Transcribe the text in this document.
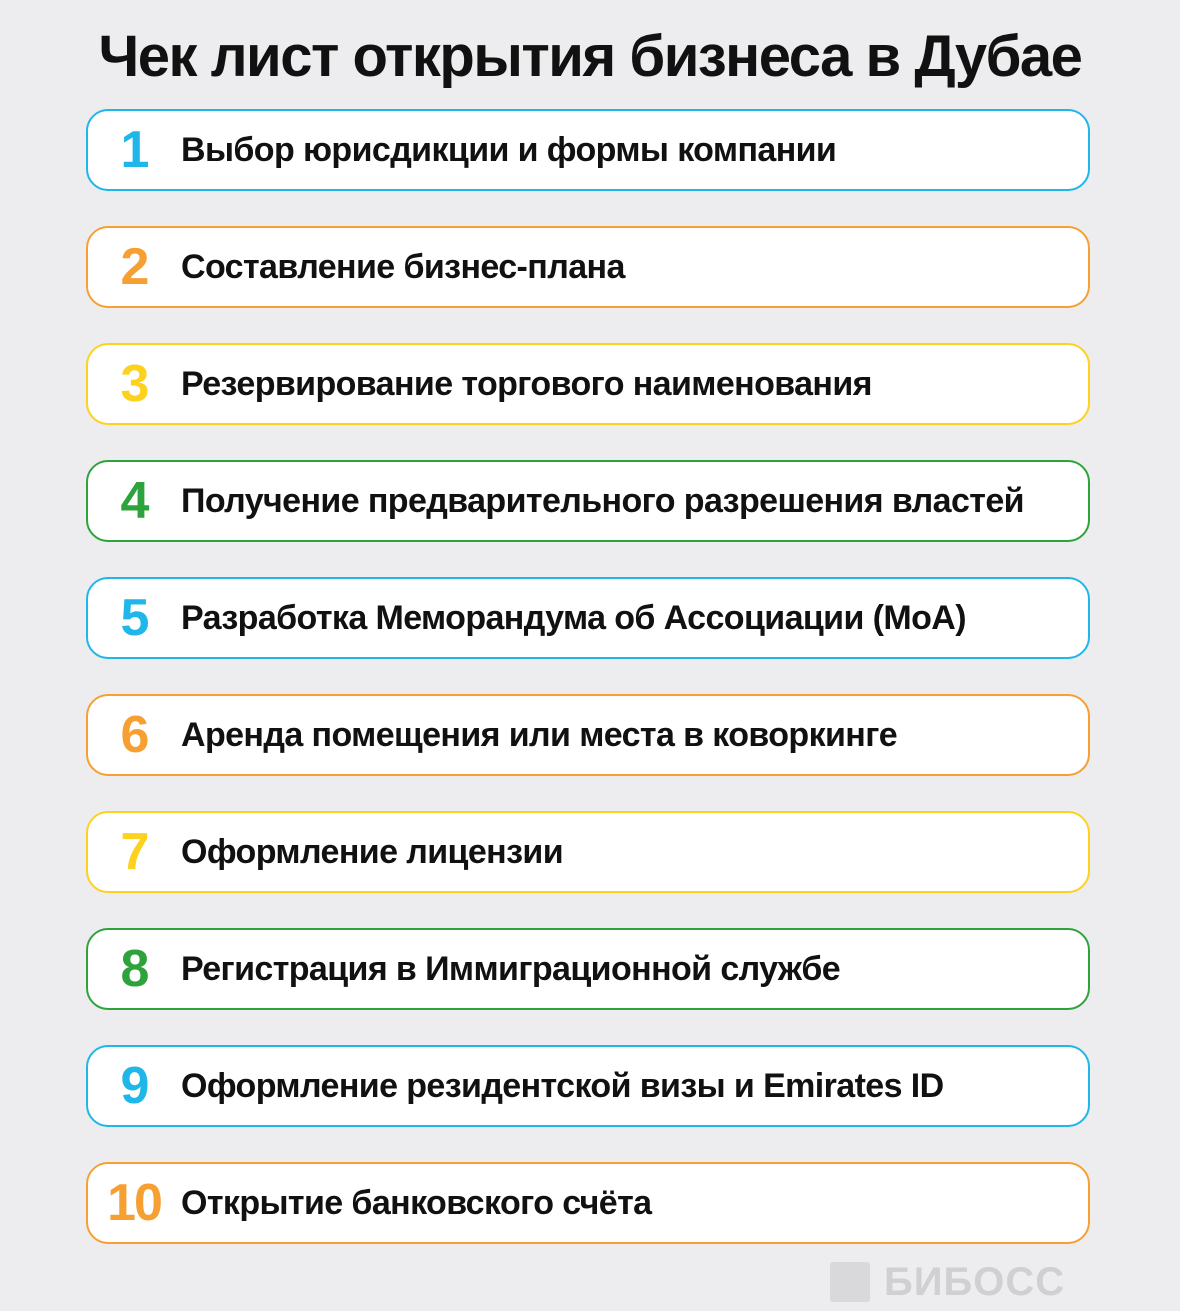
Чек лист открытия бизнеса в Дубае
1 Выбор юрисдикции и формы компании
2 Составление бизнес-плана
3 Резервирование торгового наименования
4 Получение предварительного разрешения властей
5 Разработка Меморандума об Ассоциации (MoA)
6 Аренда помещения или места в коворкинге
7 Оформление лицензии
8 Регистрация в Иммиграционной службе
9 Оформление резидентской визы и Emirates ID
10 Открытие банковского счёта
БИБОСС
